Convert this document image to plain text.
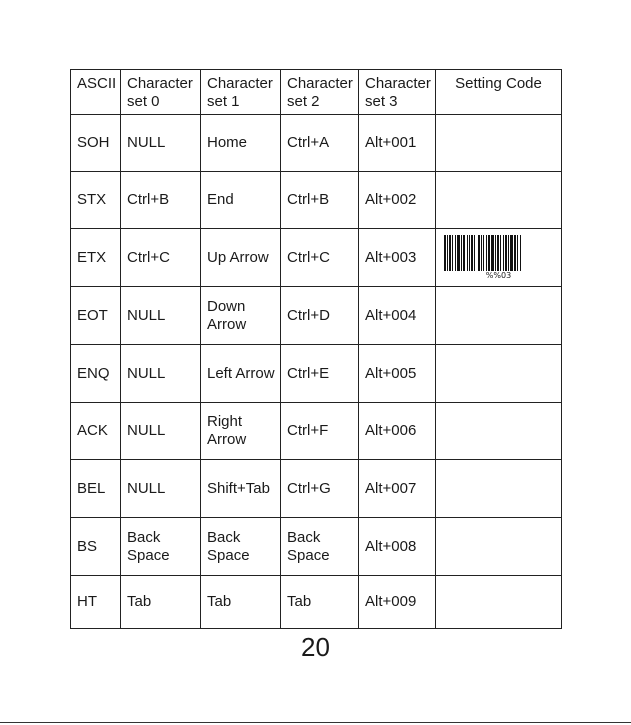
ASCII	Character set 0	Character set 1	Character set 2	Character set 3	Setting Code
SOH	NULL	Home	Ctrl+A	Alt+001	
STX	Ctrl+B	End	Ctrl+B	Alt+002	
ETX	Ctrl+C	Up Arrow	Ctrl+C	Alt+003	%%03

EOT	NULL	Down Arrow	Ctrl+D	Alt+004	
ENQ	NULL	Left Arrow	Ctrl+E	Alt+005	
ACK	NULL	Right Arrow	Ctrl+F	Alt+006	
BEL	NULL	Shift+Tab	Ctrl+G	Alt+007	
BS	Back Space	Back Space	Back Space	Alt+008	
HT	Tab	Tab	Tab	Alt+009	
20
